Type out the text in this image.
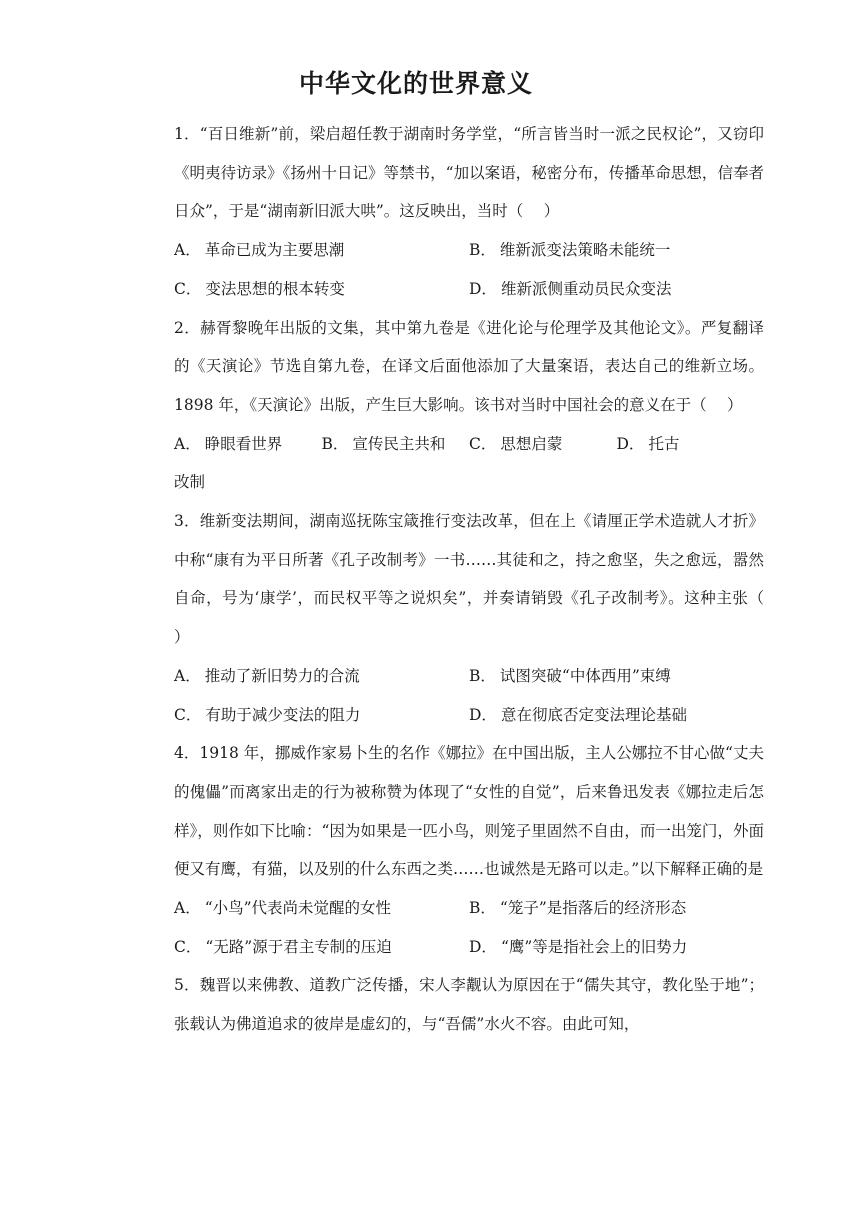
中华文化的世界意义

1．“百日维新”前，梁启超任教于湖南时务学堂，“所言皆当时一派之民权论”，又窃印《明夷待访录》《扬州十日记》等禁书，“加以案语，秘密分布，传播革命思想，信奉者日众”，于是“湖南新旧派大哄”。这反映出，当时（　 ）

A． 革命已成为主要思潮	B． 维新派变法策略未能统一
C． 变法思想的根本转变	D． 维新派侧重动员民众变法

2．赫胥黎晚年出版的文集，其中第九卷是《进化论与伦理学及其他论文》。严复翻译的《天演论》节选自第九卷，在译文后面他添加了大量案语，表达自己的维新立场。1898 年，《天演论》出版，产生巨大影响。该书对当时中国社会的意义在于（　 ）

A． 睁眼看世界	B． 宣传民主共和	C． 思想启蒙	D． 托古

改制

3．维新变法期间，湖南巡抚陈宝箴推行变法改革，但在上《请厘正学术造就人才折》中称“康有为平日所著《孔子改制考》一书……其徒和之，持之愈坚，失之愈远，嚣然自命，号为‘康学’，而民权平等之说炽矣”，并奏请销毁《孔子改制考》。这种主张（　 ）

A． 推动了新旧势力的合流	B． 试图突破“中体西用”束缚
C． 有助于减少变法的阻力	D． 意在彻底否定变法理论基础

4．1918 年，挪威作家易卜生的名作《娜拉》在中国出版，主人公娜拉不甘心做“丈夫的傀儡”而离家出走的行为被称赞为体现了“女性的自觉”，后来鲁迅发表《娜拉走后怎样》，则作如下比喻：“因为如果是一匹小鸟，则笼子里固然不自由，而一出笼门，外面便又有鹰，有猫，以及别的什么东西之类……也诚然是无路可以走。”以下解释正确的是

A． “小鸟”代表尚未觉醒的女性	B． “笼子”是指落后的经济形态
C． “无路”源于君主专制的压迫	D． “鹰”等是指社会上的旧势力

5．魏晋以来佛教、道教广泛传播，宋人李觏认为原因在于“儒失其守，教化坠于地”；张载认为佛道追求的彼岸是虚幻的，与“吾儒”水火不容。由此可知，
